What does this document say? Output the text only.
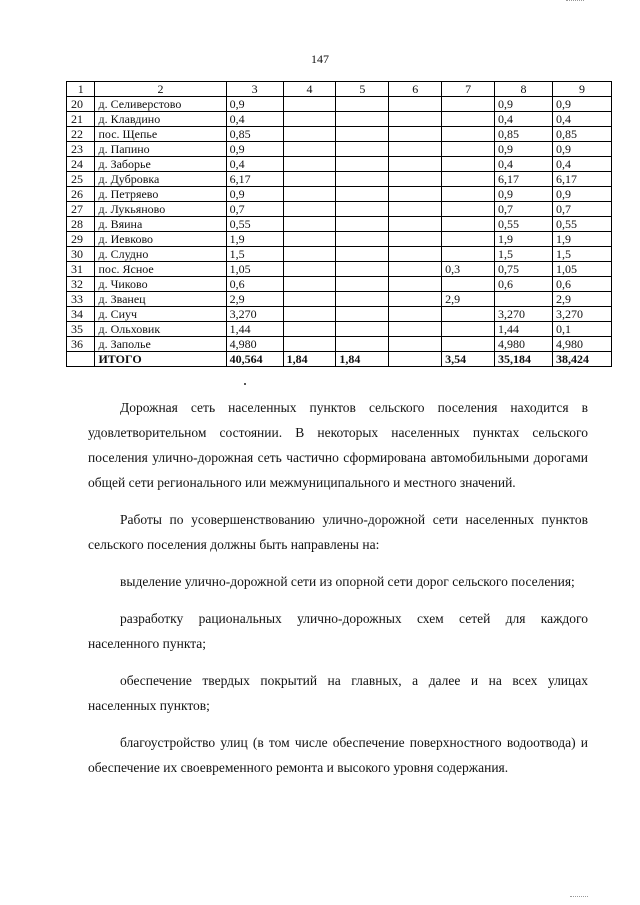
147
1	2	3	4	5	6	7	8	9
20	д. Селиверстово	0,9					0,9	0,9
21	д. Клавдино	0,4					0,4	0,4
22	пос. Щепье	0,85					0,85	0,85
23	д. Папино	0,9					0,9	0,9
24	д. Заборье	0,4					0,4	0,4
25	д. Дубровка	6,17					6,17	6,17
26	д. Петряево	0,9					0,9	0,9
27	д. Лукьяново	0,7					0,7	0,7
28	д. Вяина	0,55					0,55	0,55
29	д. Иевково	1,9					1,9	1,9
30	д. Слудно	1,5					1,5	1,5
31	пос. Ясное	1,05				0,3	0,75	1,05
32	д. Чиково	0,6					0,6	0,6
33	д. Званец	2,9				2,9		2,9
34	д. Сиуч	3,270					3,270	3,270
35	д. Ольховик	1,44					1,44	0,1
36	д. Заполье	4,980					4,980	4,980
	ИТОГО	40,564	1,84	1,84		3,54	35,184	38,424

Дорожная сеть населенных пунктов сельского поселения находится в удовлетворительном состоянии. В некоторых населенных пунктах сельского поселения улично-дорожная сеть частично сформирована автомобильными дорогами общей сети регионального или межмуниципального и местного значений.

Работы по усовершенствованию улично-дорожной сети населенных пунктов сельского поселения должны быть направлены на:

выделение улично-дорожной сети из опорной сети дорог сельского поселения;

разработку рациональных улично-дорожных схем сетей для каждого населенного пункта;

обеспечение твердых покрытий на главных, а далее и на всех улицах населенных пунктов;

благоустройство улиц (в том числе обеспечение поверхностного водоотвода) и обеспечение их своевременного ремонта и высокого уровня содержания.
